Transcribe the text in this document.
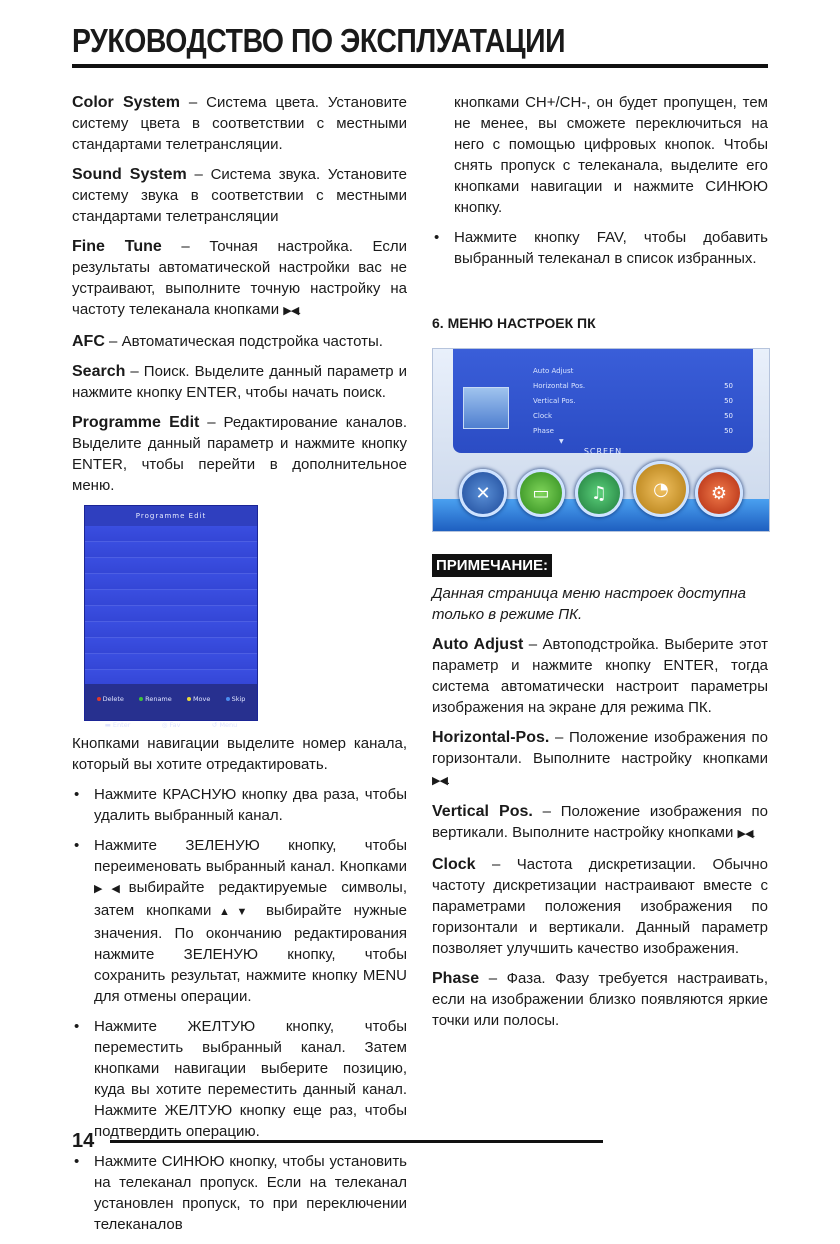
РУКОВОДСТВО ПО ЭКСПЛУАТАЦИИ

Color System – Система цвета. Установите систему цвета в соответствии с местными стандартами телетрансляции.

Sound System – Система звука. Установите систему звука в соответствии с местными стандартами телетрансляции

Fine Tune – Точная настройка. Если результаты автоматической настройки вас не устраивают, выполните точную настройку на частоту телеканала кнопками ▶◀.

AFC – Автоматическая подстройка частоты.

Search – Поиск. Выделите данный параметр и нажмите кнопку ENTER, чтобы начать поиск.

Programme Edit – Редактирование каналов. Выделите данный параметр и нажмите кнопку ENTER, чтобы перейти в дополнительное меню.

Programme Edit
Delete	Rename	Move	Skip
▬ Enter	◎ Fav	↺ Menu

Кнопками навигации выделите номер канала, который вы хотите отредактировать.

• Нажмите КРАСНУЮ кнопку два раза, чтобы удалить выбранный канал.
• Нажмите ЗЕЛЕНУЮ кнопку, чтобы переименовать выбранный канал. Кнопками ▶◀выбирайте редактируемые символы, затем кнопками▲▼ выбирайте нужные значения. По окончанию редактирования нажмите ЗЕЛЕНУЮ кнопку, чтобы сохранить результат, нажмите кнопку MENU для отмены операции.
• Нажмите ЖЕЛТУЮ кнопку, чтобы переместить выбранный канал. Затем кнопками навигации выберите позицию, куда вы хотите переместить данный канал. Нажмите ЖЕЛТУЮ кнопку еще раз, чтобы подтвердить операцию.
• Нажмите СИНЮЮ кнопку, чтобы установить на телеканал пропуск. Если на телеканал установлен пропуск, то при переключении телеканалов

кнопками CH+/CH-, он будет пропущен, тем не менее, вы сможете переключиться на него с помощью цифровых кнопок. Чтобы снять пропуск с телеканала, выделите его кнопками навигации и нажмите СИНЮЮ кнопку.

• Нажмите кнопку FAV, чтобы добавить выбранный телеканал в список избранных.
6. МЕНЮ НАСТРОЕК ПК
Auto Adjust
Horizontal Pos.	50
Vertical Pos.	50
Clock	50
Phase	50
▼
SCREEN
✕	▭	♫	◔	⚙
ПРИМЕЧАНИЕ:

Данная страница меню настроек доступна только в режиме ПК.

Auto Adjust – Автоподстройка. Выберите этот параметр и нажмите кнопку ENTER, тогда система автоматически настроит параметры изображения на экране для режима ПК.

Horizontal-Pos. – Положение изображения по горизонтали. Выполните настройку кнопками ▶◀.

Vertical Pos. – Положение изображения по вертикали. Выполните настройку кнопками ▶◀.

Clock – Частота дискретизации. Обычно частоту дискретизации настраивают вместе с параметрами положения изображения по горизонтали и вертикали. Данный параметр позволяет улучшить качество изображения.

Phase – Фаза. Фазу требуется настраивать, если на изображении близко появляются яркие точки или полосы.

14
